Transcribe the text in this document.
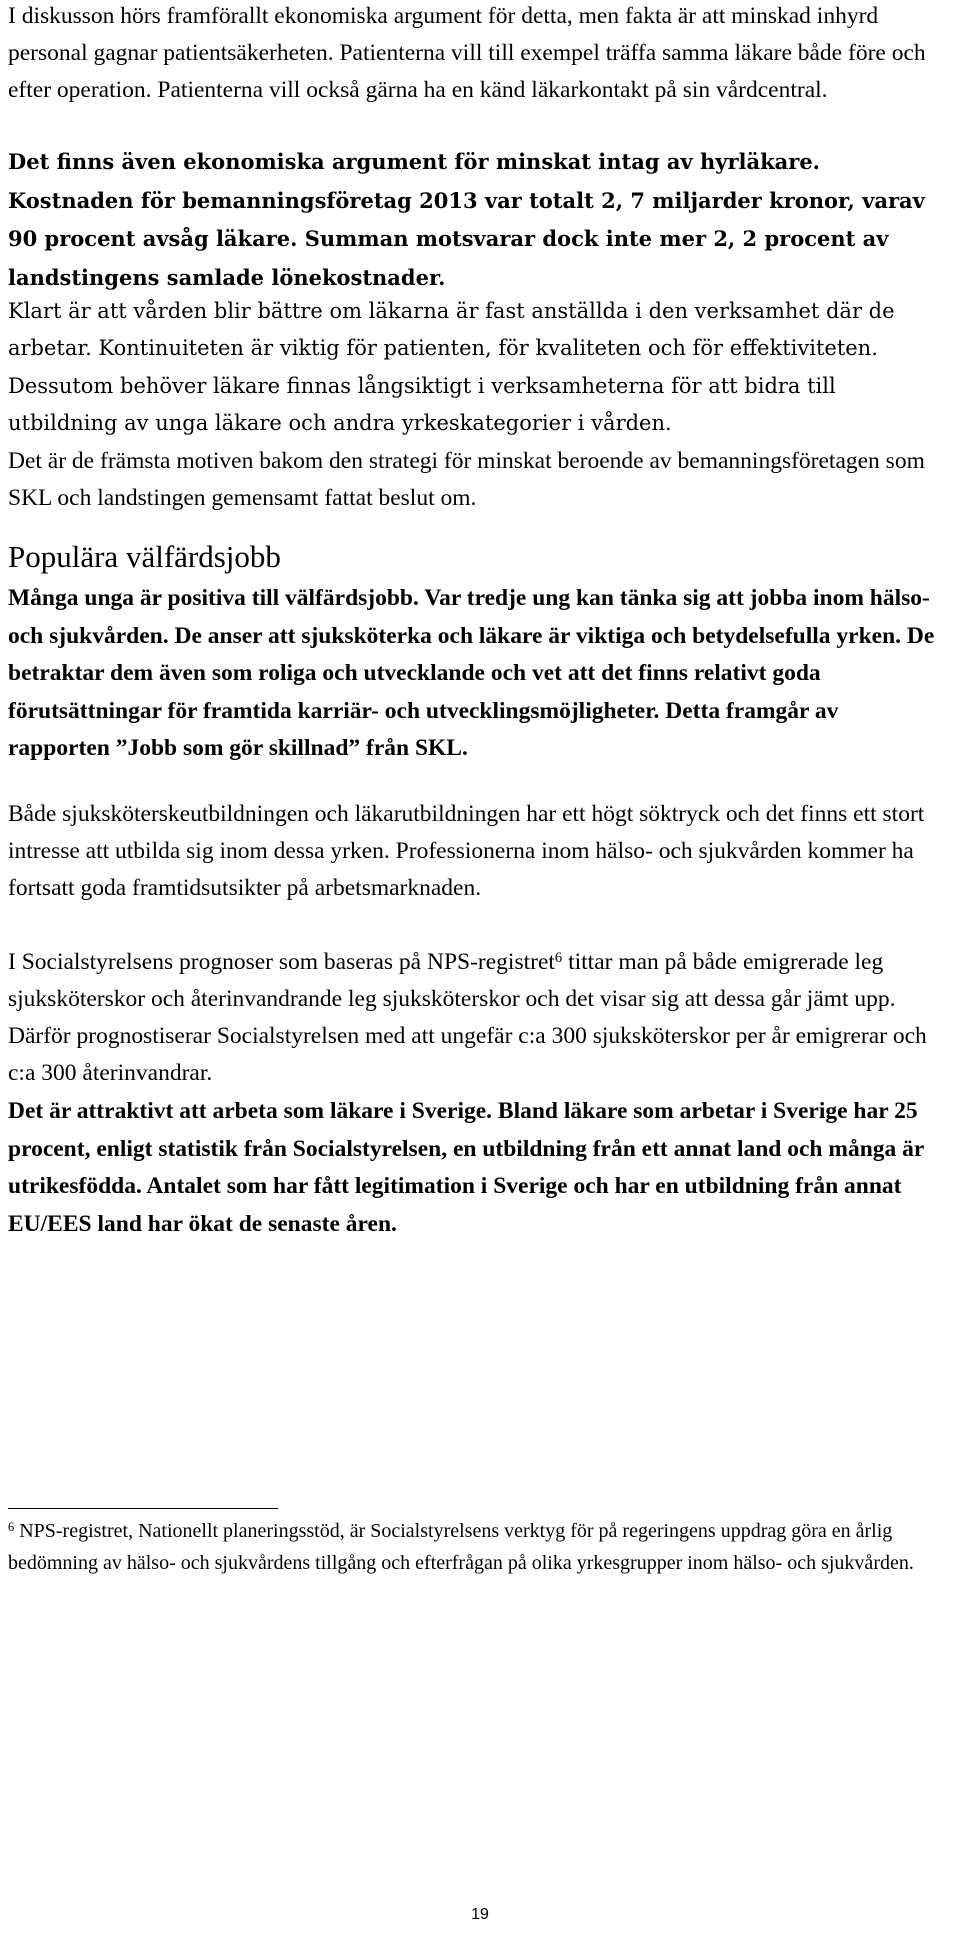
I diskusson hörs framförallt ekonomiska argument för detta, men fakta är att minskad inhyrd personal gagnar patientsäkerheten. Patienterna vill till exempel träffa samma läkare både före och efter operation. Patienterna vill också gärna ha en känd läkarkontakt på sin vårdcentral.

Det finns även ekonomiska argument för minskat intag av hyrläkare. Kostnaden för bemanningsföretag 2013 var totalt 2, 7 miljarder kronor, varav 90 procent avsåg läkare. Summan motsvarar dock inte mer 2, 2 procent av landstingens samlade lönekostnader.

Klart är att vården blir bättre om läkarna är fast anställda i den verksamhet där de arbetar. Kontinuiteten är viktig för patienten, för kvaliteten och för effektiviteten. Dessutom behöver läkare finnas långsiktigt i verksamheterna för att bidra till utbildning av unga läkare och andra yrkeskategorier i vården.

Det är de främsta motiven bakom den strategi för minskat beroende av bemanningsföretagen som SKL och landstingen gemensamt fattat beslut om.

Populära välfärdsjobb

Många unga är positiva till välfärdsjobb. Var tredje ung kan tänka sig att jobba inom hälso- och sjukvården. De anser att sjuksköterka och läkare är viktiga och betydelsefulla yrken. De betraktar dem även som roliga och utvecklande och vet att det finns relativt goda förutsättningar för framtida karriär- och utvecklingsmöjligheter. Detta framgår av rapporten ”Jobb som gör skillnad” från SKL.

Både sjuksköterskeutbildningen och läkarutbildningen har ett högt söktryck och det finns ett stort intresse att utbilda sig inom dessa yrken. Professionerna inom hälso- och sjukvården kommer ha fortsatt goda framtidsutsikter på arbetsmarknaden.

I Socialstyrelsens prognoser som baseras på NPS-registret$^6$ tittar man på både emigrerade leg sjuksköterskor och återinvandrande leg sjuksköterskor och det visar sig att dessa går jämt upp. Därför prognostiserar Socialstyrelsen med att ungefär c:a 300 sjuksköterskor per år emigrerar och c:a 300 återinvandrar.

Det är attraktivt att arbeta som läkare i Sverige. Bland läkare som arbetar i Sverige har 25 procent, enligt statistik från Socialstyrelsen, en utbildning från ett annat land och många är utrikesfödda. Antalet som har fått legitimation i Sverige och har en utbildning från annat EU/EES land har ökat de senaste åren.

$^6$ NPS-registret, Nationellt planeringsstöd, är Socialstyrelsens verktyg för på regeringens uppdrag göra en årlig bedömning av hälso- och sjukvårdens tillgång och efterfrågan på olika yrkesgrupper inom hälso- och sjukvården.

19
